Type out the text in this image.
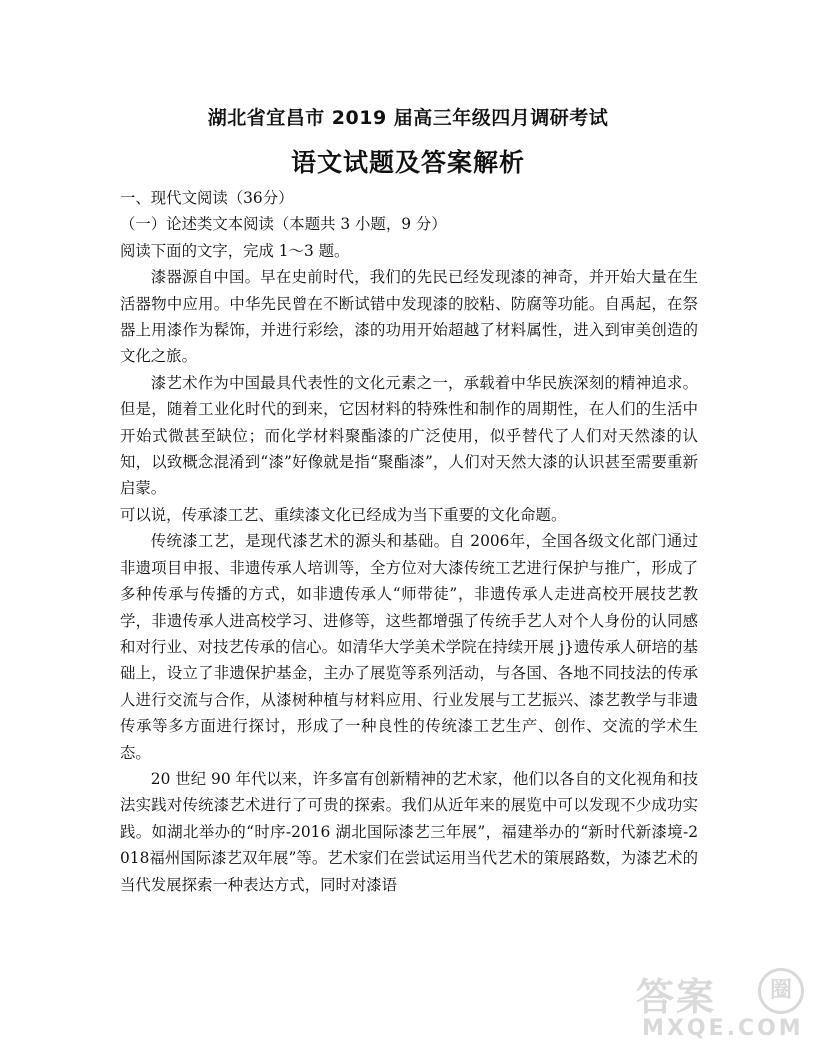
湖北省宜昌市 2019 届高三年级四月调研考试
语文试题及答案解析

一、现代文阅读（36分）

（一）论述类文本阅读（本题共 3 小题，9 分）

阅读下面的文字，完成 1～3 题。

漆器源自中国。早在史前时代，我们的先民已经发现漆的神奇，并开始大量在生活器物中应用。中华先民曾在不断试错中发现漆的胶粘、防腐等功能。自禹起，在祭器上用漆作为髹饰，并进行彩绘，漆的功用开始超越了材料属性，进入到审美创造的文化之旅。

漆艺术作为中国最具代表性的文化元素之一，承载着中华民族深刻的精神追求。但是，随着工业化时代的到来，它因材料的特殊性和制作的周期性，在人们的生活中开始式微甚至缺位；而化学材料聚酯漆的广泛使用，似乎替代了人们对天然漆的认知，以致概念混淆到“漆”好像就是指“聚酯漆”，人们对天然大漆的认识甚至需要重新启蒙。

可以说，传承漆工艺、重续漆文化已经成为当下重要的文化命题。

传统漆工艺，是现代漆艺术的源头和基础。自 2006年，全国各级文化部门通过非遗项目申报、非遗传承人培训等，全方位对大漆传统工艺进行保护与推广，形成了多种传承与传播的方式，如非遗传承人“师带徒”，非遗传承人走进高校开展技艺教学，非遗传承人进高校学习、进修等，这些都增强了传统手艺人对个人身份的认同感和对行业、对技艺传承的信心。如清华大学美术学院在持续开展 j}遗传承人研培的基础上，设立了非遗保护基金，主办了展览等系列活动，与各国、各地不同技法的传承人进行交流与合作，从漆树种植与材料应用、行业发展与工艺振兴、漆艺教学与非遗传承等多方面进行探讨，形成了一种良性的传统漆工艺生产、创作、交流的学术生态。

20 世纪 90 年代以来，许多富有创新精神的艺术家，他们以各自的文化视角和技法实践对传统漆艺术进行了可贵的探索。我们从近年来的展览中可以发现不少成功实践。如湖北举办的“时序-2016 湖北国际漆艺三年展”，福建举办的“新时代新漆境-2 018福州国际漆艺双年展”等。艺术家们在尝试运用当代艺术的策展路数，为漆艺术的当代发展探索一种表达方式，同时对漆语

答案	圈
MXQE.COM
